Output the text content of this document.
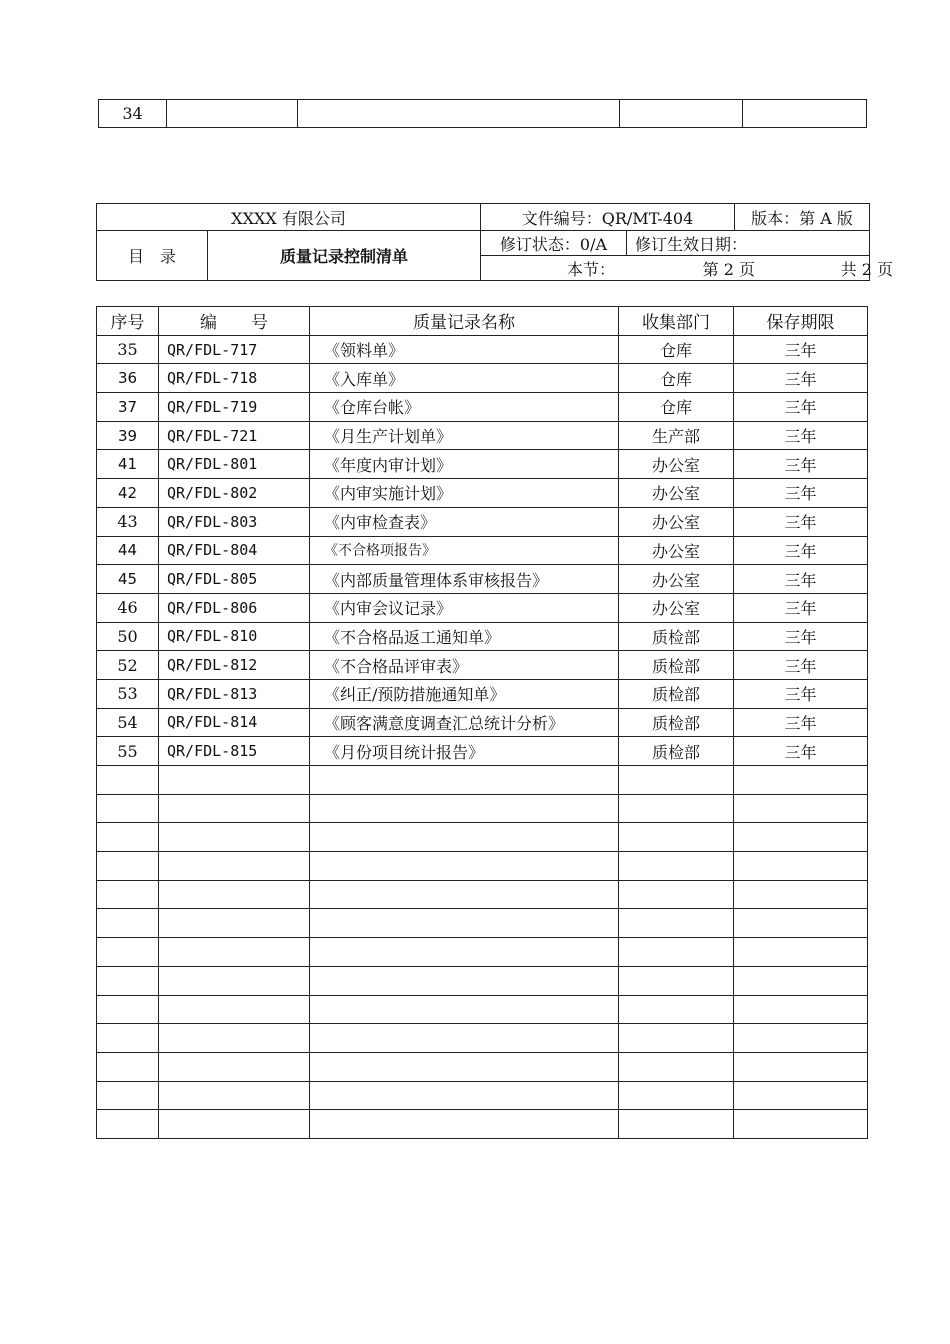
34				
XXXX 有限公司		文件编号：QR/MT-404		版本：第 A 版
目　录	质量记录控制清单	修订状态：0/A	修订生效日期：	
		本节： 第 2 页 共 2 页		
序号	编　　号	质量记录名称	收集部门	保存期限
35	QR/FDL-717	《领料单》	仓库	三年
36	QR/FDL-718	《入库单》	仓库	三年
37	QR/FDL-719	《仓库台帐》	仓库	三年
39	QR/FDL-721	《月生产计划单》	生产部	三年
41	QR/FDL-801	《年度内审计划》	办公室	三年
42	QR/FDL-802	《内审实施计划》	办公室	三年
43	QR/FDL-803	《内审检查表》	办公室	三年
44	QR/FDL-804	《不合格项报告》	办公室	三年
45	QR/FDL-805	《内部质量管理体系审核报告》	办公室	三年
46	QR/FDL-806	《内审会议记录》	办公室	三年
50	QR/FDL-810	《不合格品返工通知单》	质检部	三年
52	QR/FDL-812	《不合格品评审表》	质检部	三年
53	QR/FDL-813	《纠正/预防措施通知单》	质检部	三年
54	QR/FDL-814	《顾客满意度调查汇总统计分析》	质检部	三年
55	QR/FDL-815	《月份项目统计报告》	质检部	三年
